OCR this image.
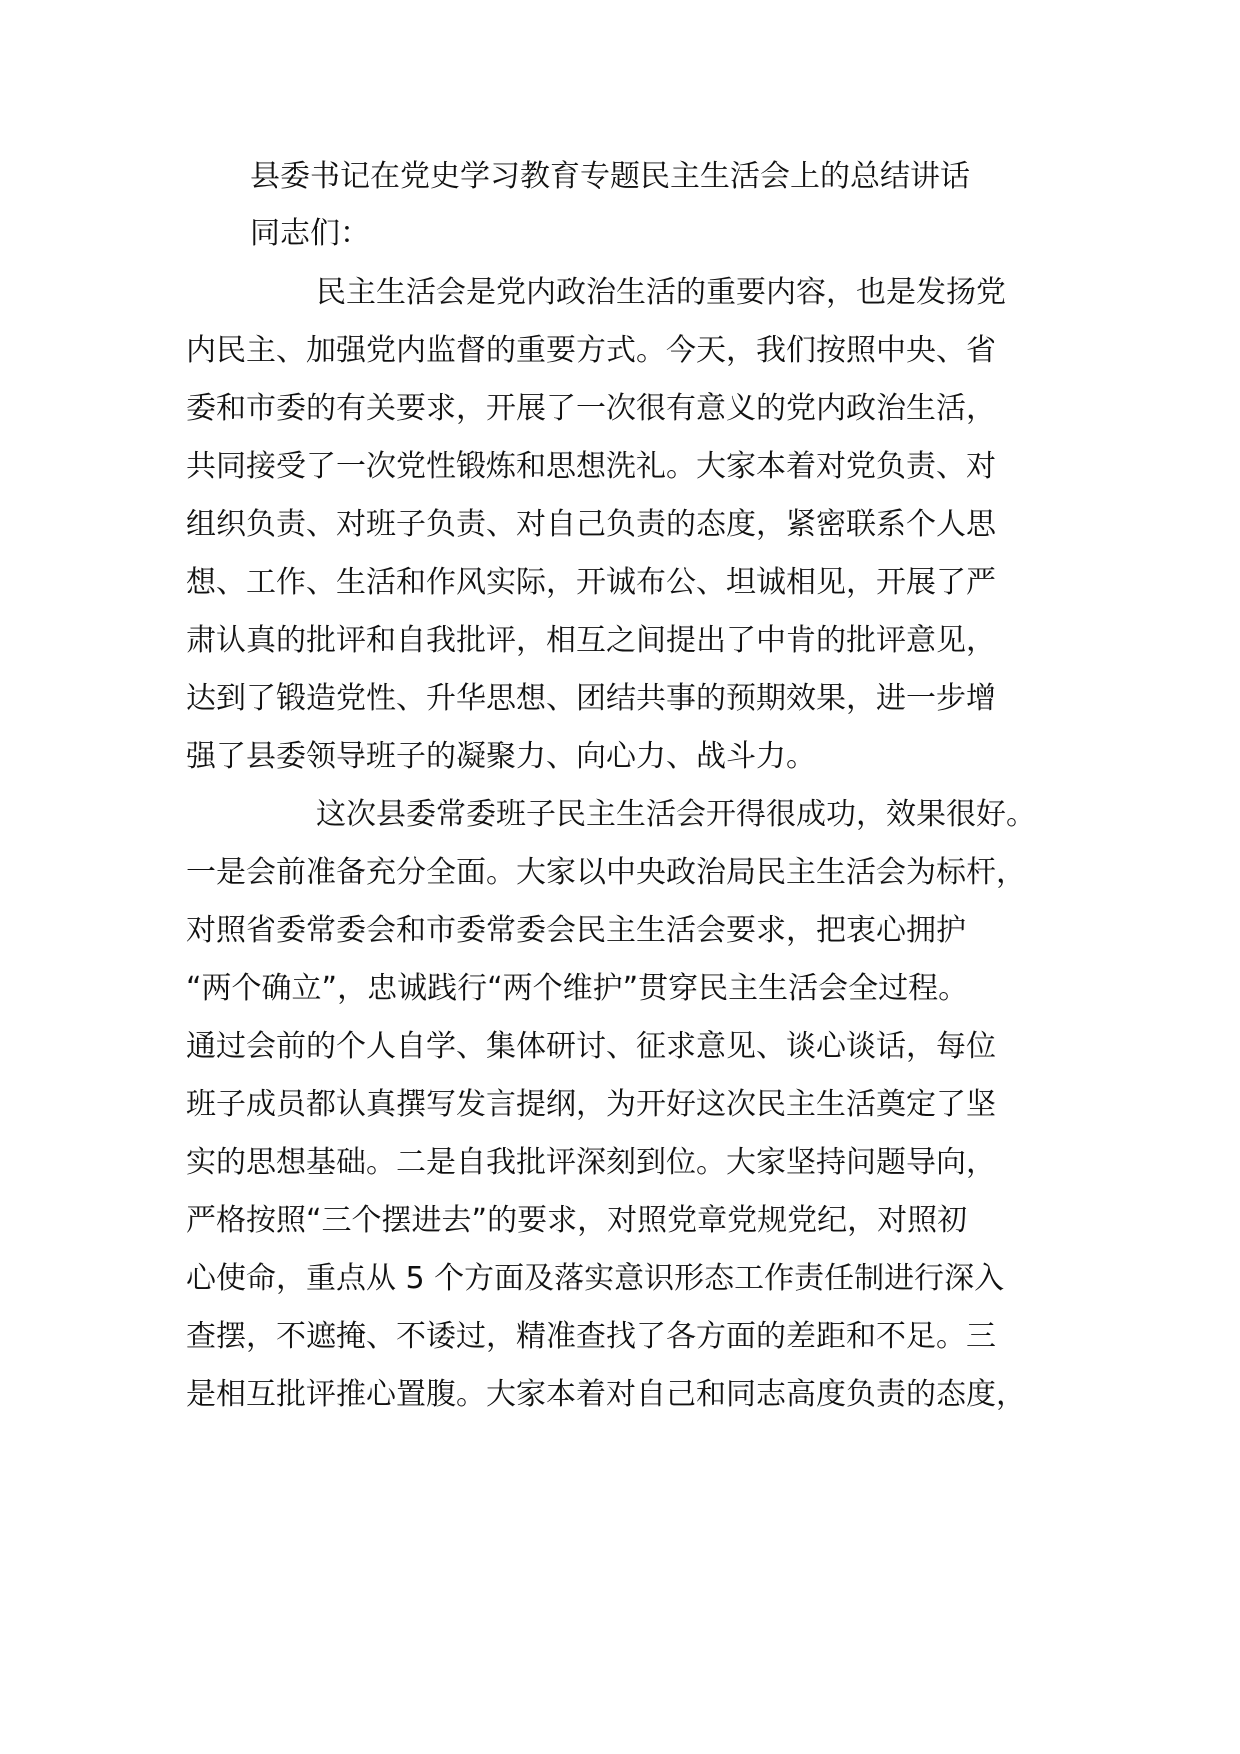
县委书记在党史学习教育专题民主生活会上的总结讲话
同志们：
民主生活会是党内政治生活的重要内容，也是发扬党
内民主、加强党内监督的重要方式。今天，我们按照中央、省
委和市委的有关要求，开展了一次很有意义的党内政治生活，
共同接受了一次党性锻炼和思想洗礼。大家本着对党负责、对
组织负责、对班子负责、对自己负责的态度，紧密联系个人思
想、工作、生活和作风实际，开诚布公、坦诚相见，开展了严
肃认真的批评和自我批评，相互之间提出了中肯的批评意见，
达到了锻造党性、升华思想、团结共事的预期效果，进一步增
强了县委领导班子的凝聚力、向心力、战斗力。
这次县委常委班子民主生活会开得很成功，效果很好。
一是会前准备充分全面。大家以中央政治局民主生活会为标杆，
对照省委常委会和市委常委会民主生活会要求，把衷心拥护
“两个确立”，忠诚践行“两个维护”贯穿民主生活会全过程。
通过会前的个人自学、集体研讨、征求意见、谈心谈话，每位
班子成员都认真撰写发言提纲，为开好这次民主生活奠定了坚
实的思想基础。二是自我批评深刻到位。大家坚持问题导向，
严格按照“三个摆进去”的要求，对照党章党规党纪，对照初
心使命，重点从 5 个方面及落实意识形态工作责任制进行深入
查摆，不遮掩、不诿过，精准查找了各方面的差距和不足。三
是相互批评推心置腹。大家本着对自己和同志高度负责的态度，
